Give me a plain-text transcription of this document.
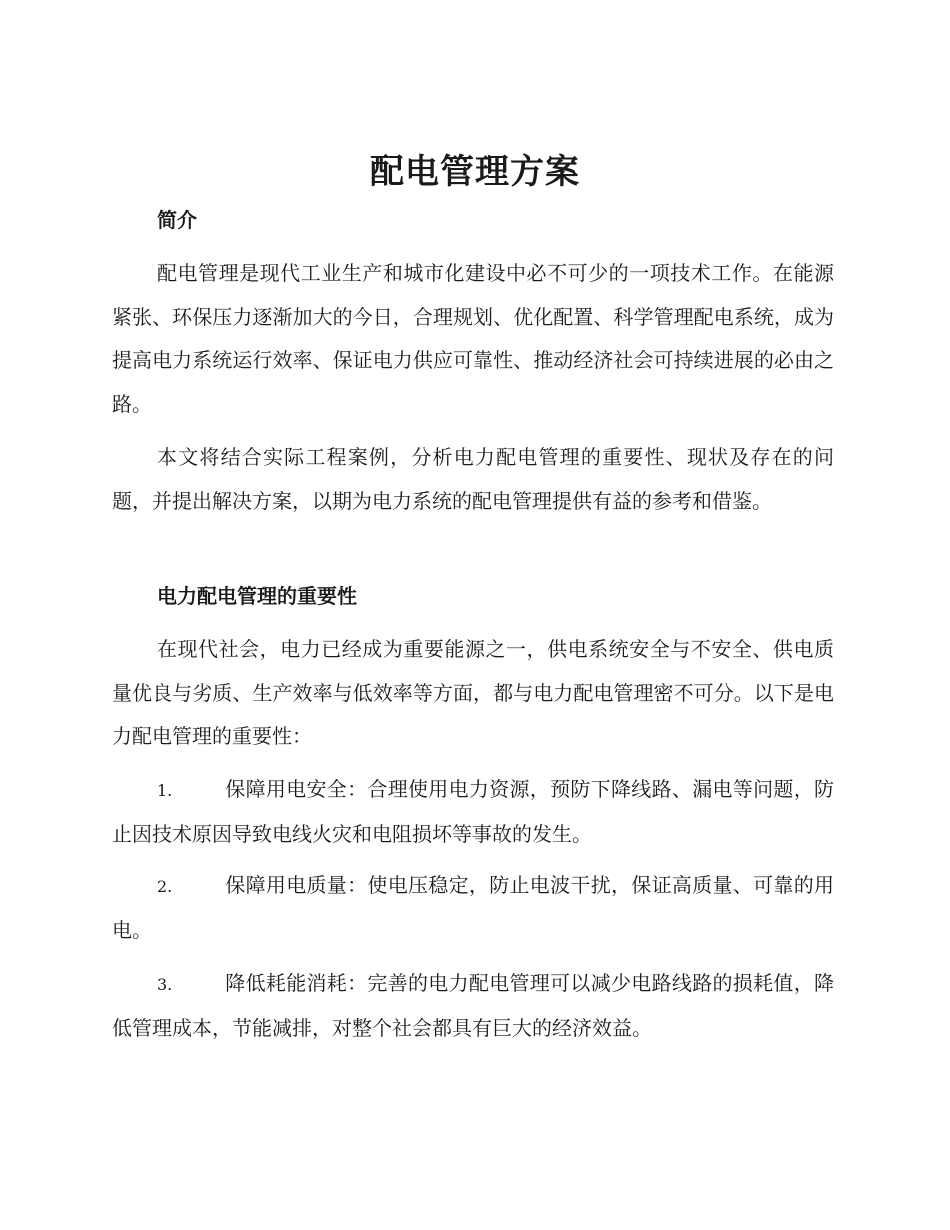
配电管理方案
简介

配电管理是现代工业生产和城市化建设中必不可少的一项技术工作。在能源紧张、环保压力逐渐加大的今日，合理规划、优化配置、科学管理配电系统，成为提高电力系统运行效率、保证电力供应可靠性、推动经济社会可持续进展的必由之路。

本文将结合实际工程案例，分析电力配电管理的重要性、现状及存在的问题，并提出解决方案，以期为电力系统的配电管理提供有益的参考和借鉴。

电力配电管理的重要性

在现代社会，电力已经成为重要能源之一，供电系统安全与不安全、供电质量优良与劣质、生产效率与低效率等方面，都与电力配电管理密不可分。以下是电力配电管理的重要性：

1.	保障用电安全：合理使用电力资源，预防下降线路、漏电等问题，防止因技术原因导致电线火灾和电阻损坏等事故的发生。

2.	保障用电质量：使电压稳定，防止电波干扰，保证高质量、可靠的用电。

3.	降低耗能消耗：完善的电力配电管理可以减少电路线路的损耗值，降低管理成本，节能减排，对整个社会都具有巨大的经济效益。
